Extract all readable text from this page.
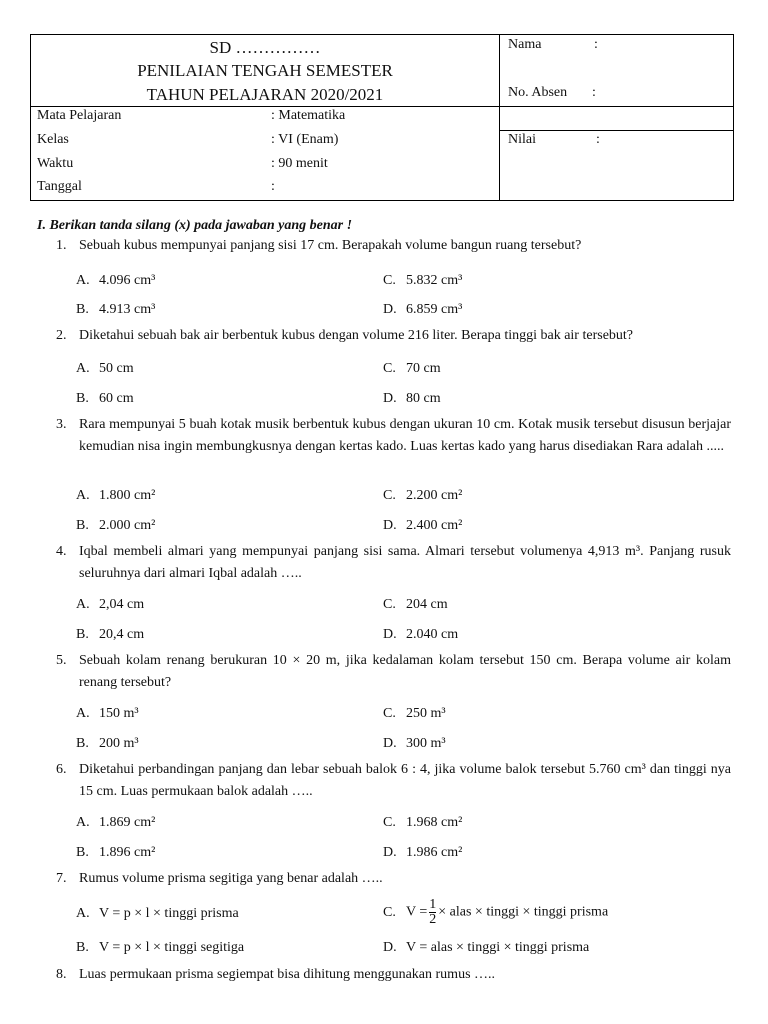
SD ……………
PENILAIAN TENGAH SEMESTER
TAHUN PELAJARAN 2020/2021
Mata Pelajaran	: Matematika
Kelas	: VI (Enam)
Waktu	: 90 menit
Tanggal	:
Nama	:
No. Absen :
Nilai	:
I. Berikan tanda silang (x) pada jawaban yang benar !
1. Sebuah kubus mempunyai panjang sisi 17 cm. Berapakah volume bangun ruang tersebut?
A. 4.096 cm³	C. 5.832 cm³
B. 4.913 cm³	D. 6.859 cm³
2. Diketahui sebuah bak air berbentuk kubus dengan volume 216 liter. Berapa tinggi bak air tersebut?
A. 50 cm	C. 70 cm
B. 60 cm	D. 80 cm
3. Rara mempunyai 5 buah kotak musik berbentuk kubus dengan ukuran 10 cm. Kotak musik tersebut disusun berjajar kemudian nisa ingin membungkusnya dengan kertas kado. Luas kertas kado yang harus disediakan Rara adalah .....
A. 1.800 cm²	C. 2.200 cm²
B. 2.000 cm²	D. 2.400 cm²
4. Iqbal membeli almari yang mempunyai panjang sisi sama. Almari tersebut volumenya 4,913 m³. Panjang rusuk seluruhnya dari almari Iqbal adalah …..
A. 2,04 cm	C. 204 cm
B. 20,4 cm	D. 2.040 cm
5. Sebuah kolam renang berukuran 10 × 20 m, jika kedalaman kolam tersebut 150 cm. Berapa volume air kolam renang tersebut?
A. 150 m³	C. 250 m³
B. 200 m³	D. 300 m³
6. Diketahui perbandingan panjang dan lebar sebuah balok 6 : 4, jika volume balok tersebut 5.760 cm³ dan tinggi nya 15 cm. Luas permukaan balok adalah …..
A. 1.869 cm²	C. 1.968 cm²
B. 1.896 cm²	D. 1.986 cm²
7. Rumus volume prisma segitiga yang benar adalah …..
A. V = p × l × tinggi prisma	C. $V = \frac{1}{2}$ × alas × tinggi × tinggi prisma
B. V = p × l × tinggi segitiga	D. V = alas × tinggi × tinggi prisma
8. Luas permukaan prisma segiempat bisa dihitung menggunakan rumus …..
